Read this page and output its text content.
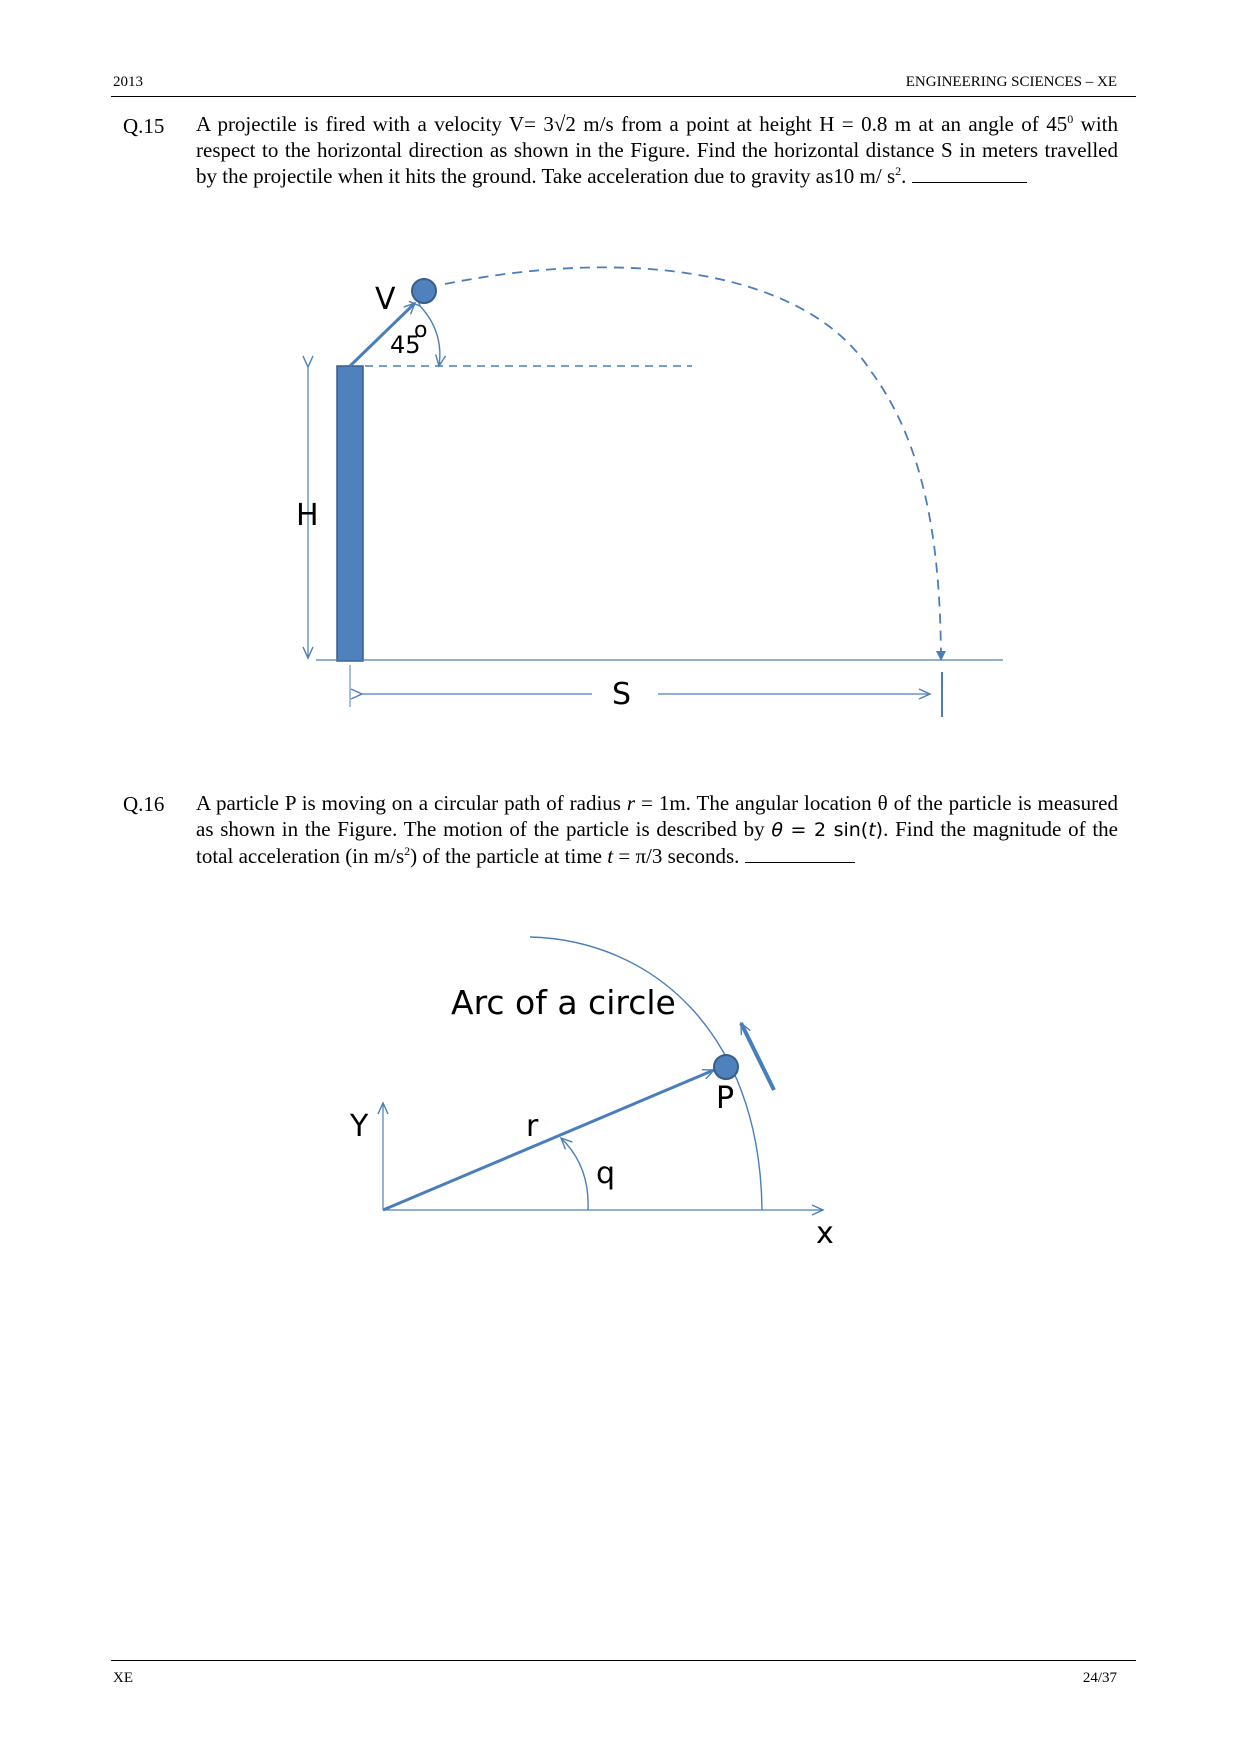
2013	ENGINEERING SCIENCES – XE
Q.15 A projectile is fired with a velocity V= 3√2 m/s from a point at height H = 0.8 m at an angle of $45^0$ with respect to the horizontal direction as shown in the Figure. Find the horizontal distance S in meters travelled by the projectile when it hits the ground. Take acceleration due to gravity as10 m/ $s^2$.
V
45
o
H
S
Arc of a circle
P
Y	r
q
x
Q.16 A particle P is moving on a circular path of radius r = 1m. The angular location θ of the particle is measured as shown in the Figure. The motion of the particle is described by θ = 2 sin(t). Find the magnitude of the total acceleration (in $m/s^2$) of the particle at time t = π/3 seconds.
XE	24/37
